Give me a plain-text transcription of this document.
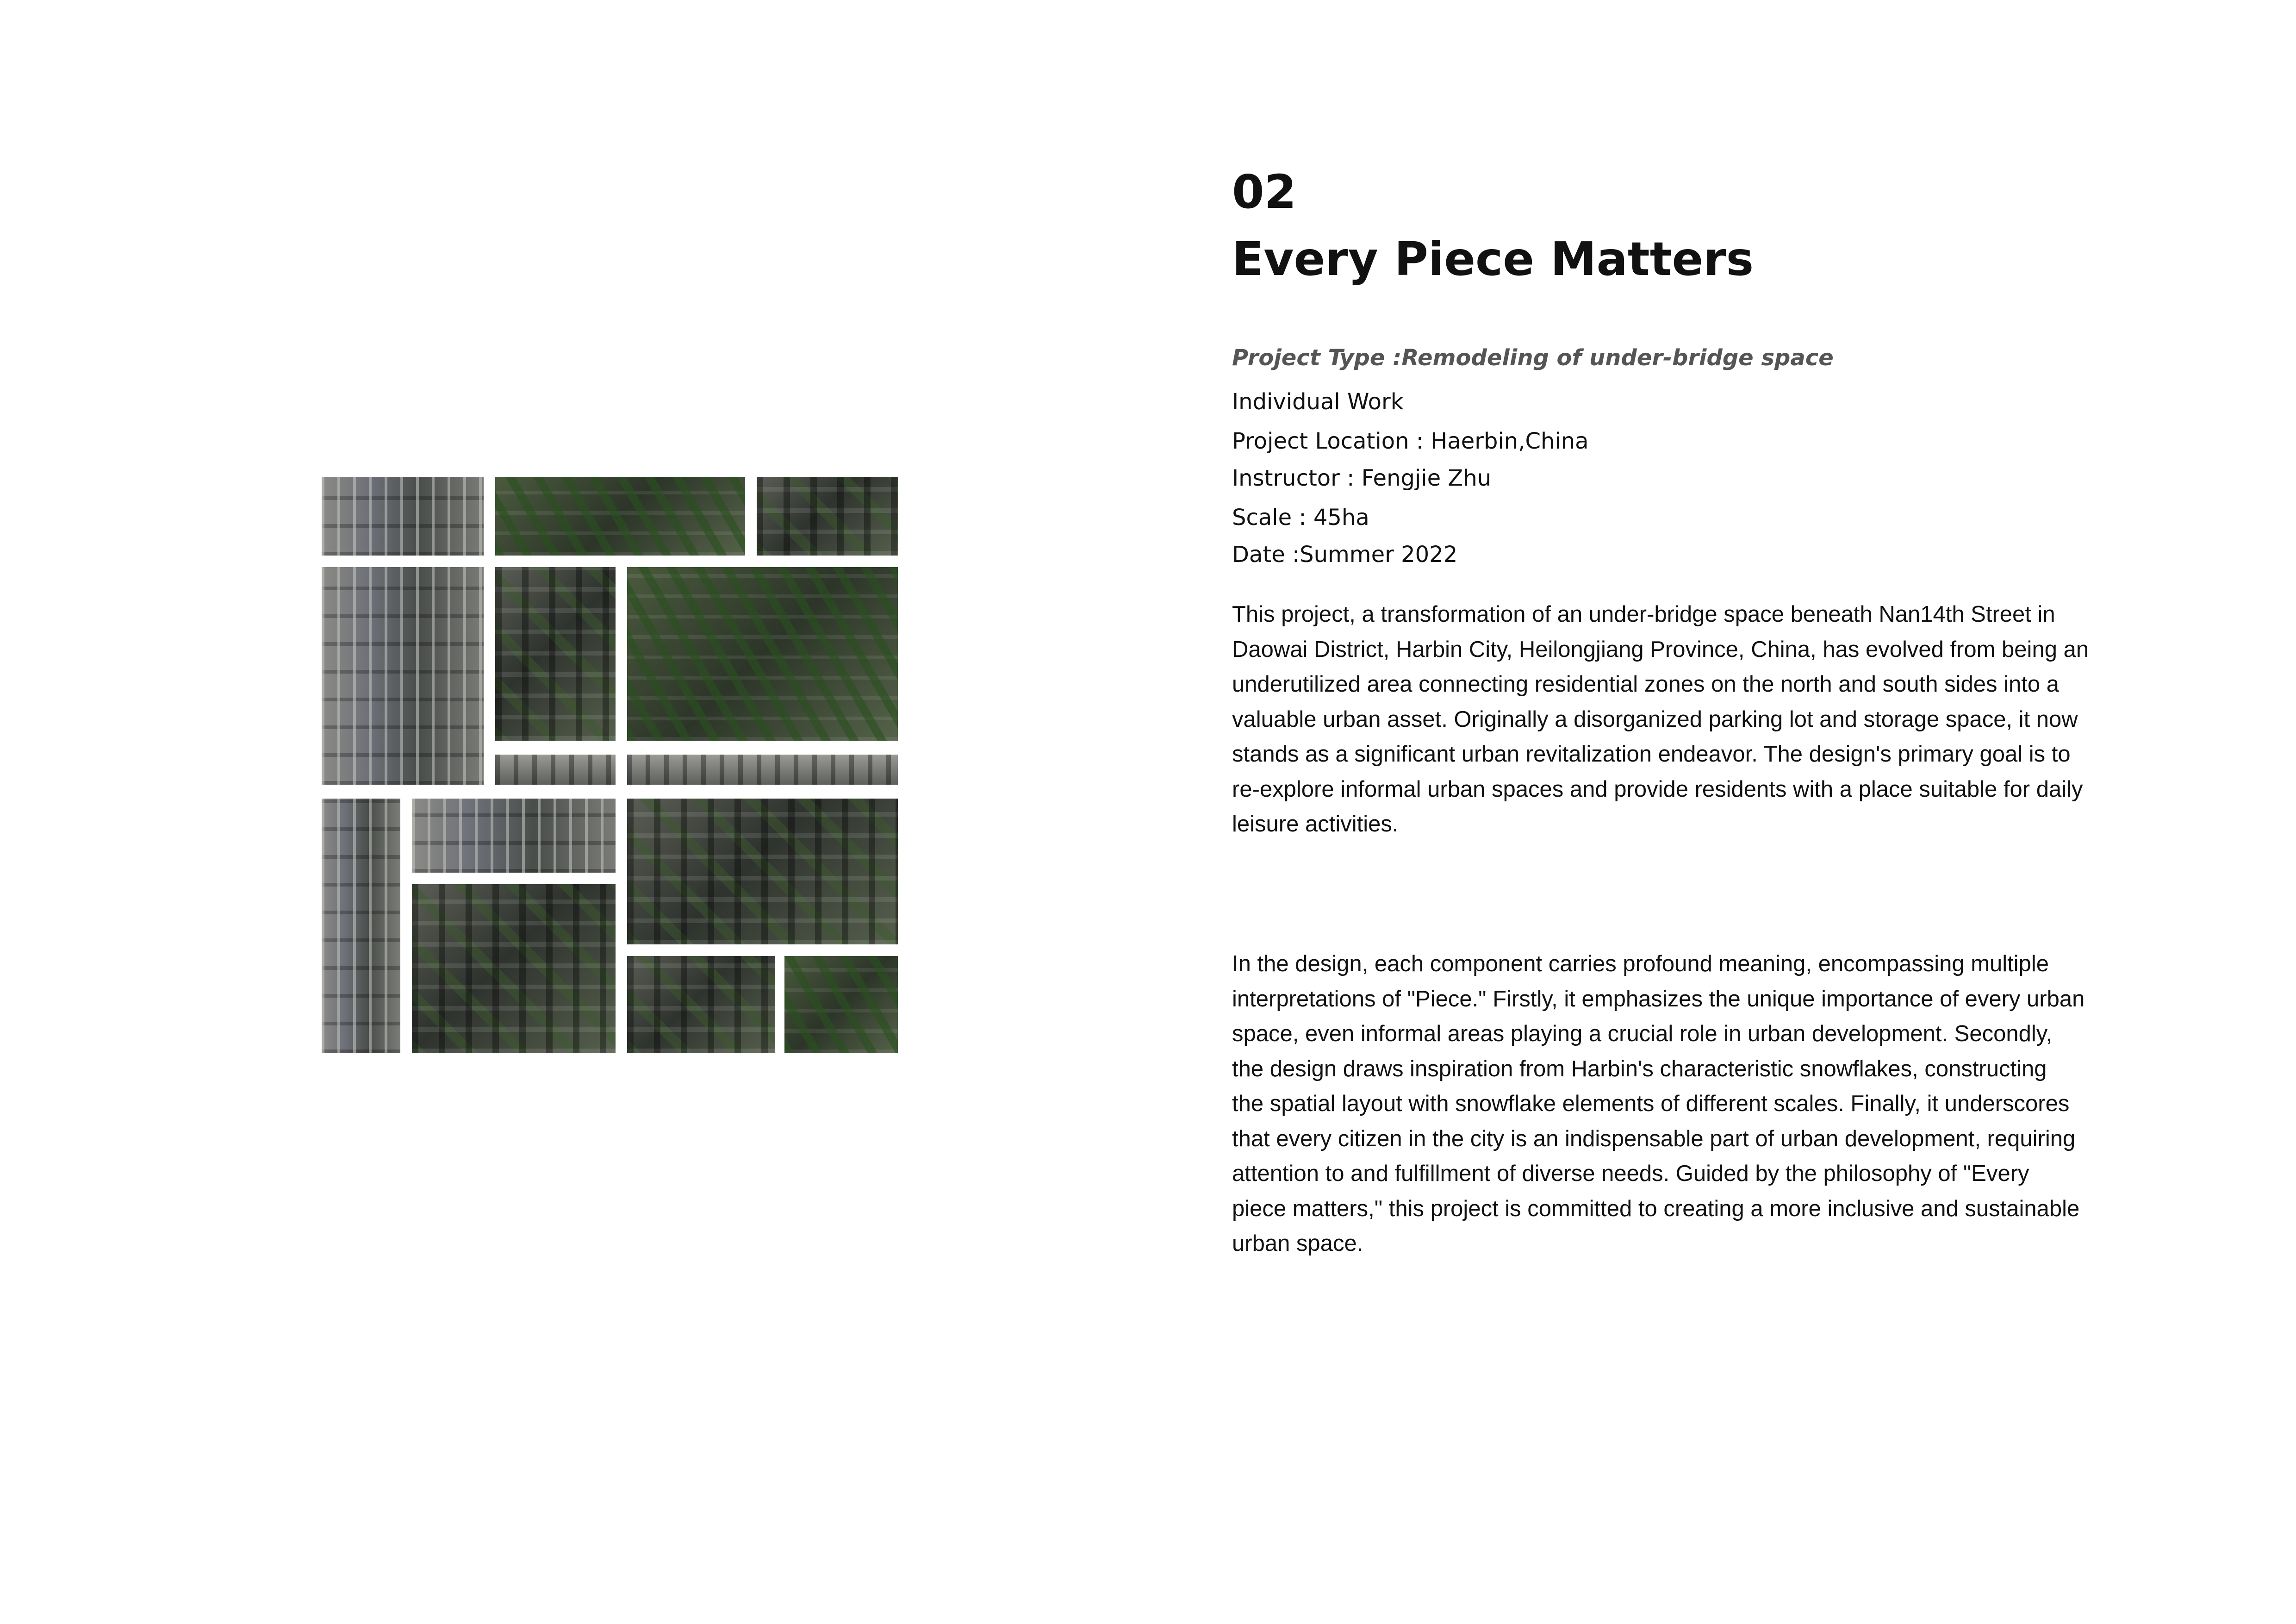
02
Every Piece Matters
Project Type :Remodeling of under-bridge space
Individual Work
Project Location : Haerbin,China
Instructor : Fengjie Zhu
Scale : 45ha
Date :Summer 2022
This project, a transformation of an under-bridge space beneath Nan14th Street in
Daowai District, Harbin City, Heilongjiang Province, China, has evolved from being an
underutilized area connecting residential zones on the north and south sides into a
valuable urban asset. Originally a disorganized parking lot and storage space, it now
stands as a significant urban revitalization endeavor. The design's primary goal is to
re-explore informal urban spaces and provide residents with a place suitable for daily
leisure activities.
In the design, each component carries profound meaning, encompassing multiple
interpretations of "Piece." Firstly, it emphasizes the unique importance of every urban
space, even informal areas playing a crucial role in urban development. Secondly,
the design draws inspiration from Harbin's characteristic snowflakes, constructing
the spatial layout with snowflake elements of different scales. Finally, it underscores
that every citizen in the city is an indispensable part of urban development, requiring
attention to and fulfillment of diverse needs. Guided by the philosophy of "Every
piece matters," this project is committed to creating a more inclusive and sustainable
urban space.
